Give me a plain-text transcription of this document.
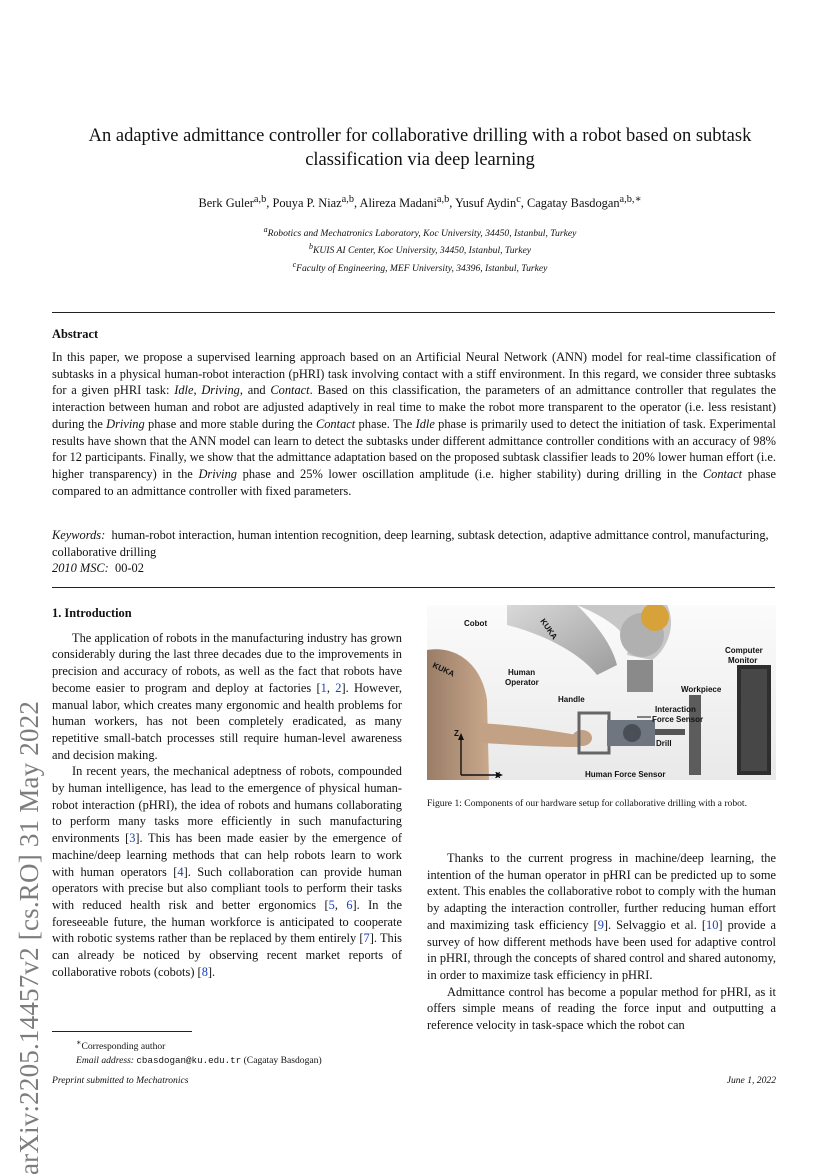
arXiv:2205.14457v2 [cs.RO] 31 May 2022
An adaptive admittance controller for collaborative drilling with a robot based on subtask
classification via deep learning
Berk Guler$^{a,b}$, Pouya P. Niaz$^{a,b}$, Alireza Madani$^{a,b}$, Yusuf Aydin$^c$, Cagatay Basdogan$^{a,b,∗}$
$^a$Robotics and Mechatronics Laboratory, Koc University, 34450, Istanbul, Turkey
$^b$KUIS AI Center, Koc University, 34450, Istanbul, Turkey
$^c$Faculty of Engineering, MEF University, 34396, Istanbul, Turkey
Abstract
In this paper, we propose a supervised learning approach based on an Artificial Neural Network (ANN) model for real-time classification of subtasks in a physical human-robot interaction (pHRI) task involving contact with a stiff environment. In this regard, we consider three subtasks for a given pHRI task: Idle, Driving, and Contact. Based on this classification, the parameters of an admittance controller that regulates the interaction between human and robot are adjusted adaptively in real time to make the robot more transparent to the operator (i.e. less resistant) during the Driving phase and more stable during the Contact phase. The Idle phase is primarily used to detect the initiation of task. Experimental results have shown that the ANN model can learn to detect the subtasks under different admittance controller conditions with an accuracy of 98% for 12 participants. Finally, we show that the admittance adaptation based on the proposed subtask classifier leads to 20% lower human effort (i.e. higher transparency) in the Driving phase and 25% lower oscillation amplitude (i.e. higher stability) during drilling in the Contact phase compared to an admittance controller with fixed parameters.
Keywords: human-robot interaction, human intention recognition, deep learning, subtask detection, adaptive admittance control, manufacturing, collaborative drilling
2010 MSC: 00-02
1. Introduction

The application of robots in the manufacturing industry has grown considerably during the last three decades due to the improvements in precision and accuracy of robots, as well as the fact that robots have become easier to program and deploy at factories [1, 2]. However, manual labor, which creates many ergonomic and health problems for human workers, has not been completely eradicated, as many repetitive small-batch processes still require human-level awareness and decision making.

In recent years, the mechanical adeptness of robots, compounded by human intelligence, has lead to the emergence of physical human-robot interaction (pHRI), the idea of robots and humans collaborating to perform many tasks more efficiently in such manufacturing environments [3]. This has been made easier by the emergence of machine/deep learning methods that can help robots learn to work with human operators [4]. Such collaboration can provide human operators with precise but also compliant tools to perform their tasks with reduced health risk and better ergonomics [5, 6]. In the foreseeable future, the human workforce is anticipated to cooperate with robotic systems rather than be replaced by them entirely [7]. This can already be noticed by observing recent market reports of collaborative robots (cobots) [8].

Cobot
Human
Operator
Handle
Computer
Monitor
Workpiece
Interaction
Force Sensor
Drill
Human Force Sensor
Z
X
KUKA
KUKA
Figure 1: Components of our hardware setup for collaborative drilling with a robot.

Thanks to the current progress in machine/deep learning, the intention of the human operator in pHRI can be predicted up to some extent. This enables the collaborative robot to comply with the human by adapting the interaction controller, further reducing human effort and maximizing task efficiency [9]. Selvaggio et al. [10] provide a survey of how different methods have been used for adaptive control in pHRI, through the concepts of shared control and shared autonomy, in order to maximize task efficiency in pHRI.

Admittance control has become a popular method for pHRI, as it offers simple means of reading the force input and outputting a reference velocity in task-space which the robot can

∗Corresponding author
Email address: cbasdogan@ku.edu.tr (Cagatay Basdogan)
Preprint submitted to Mechatronics	June 1, 2022
